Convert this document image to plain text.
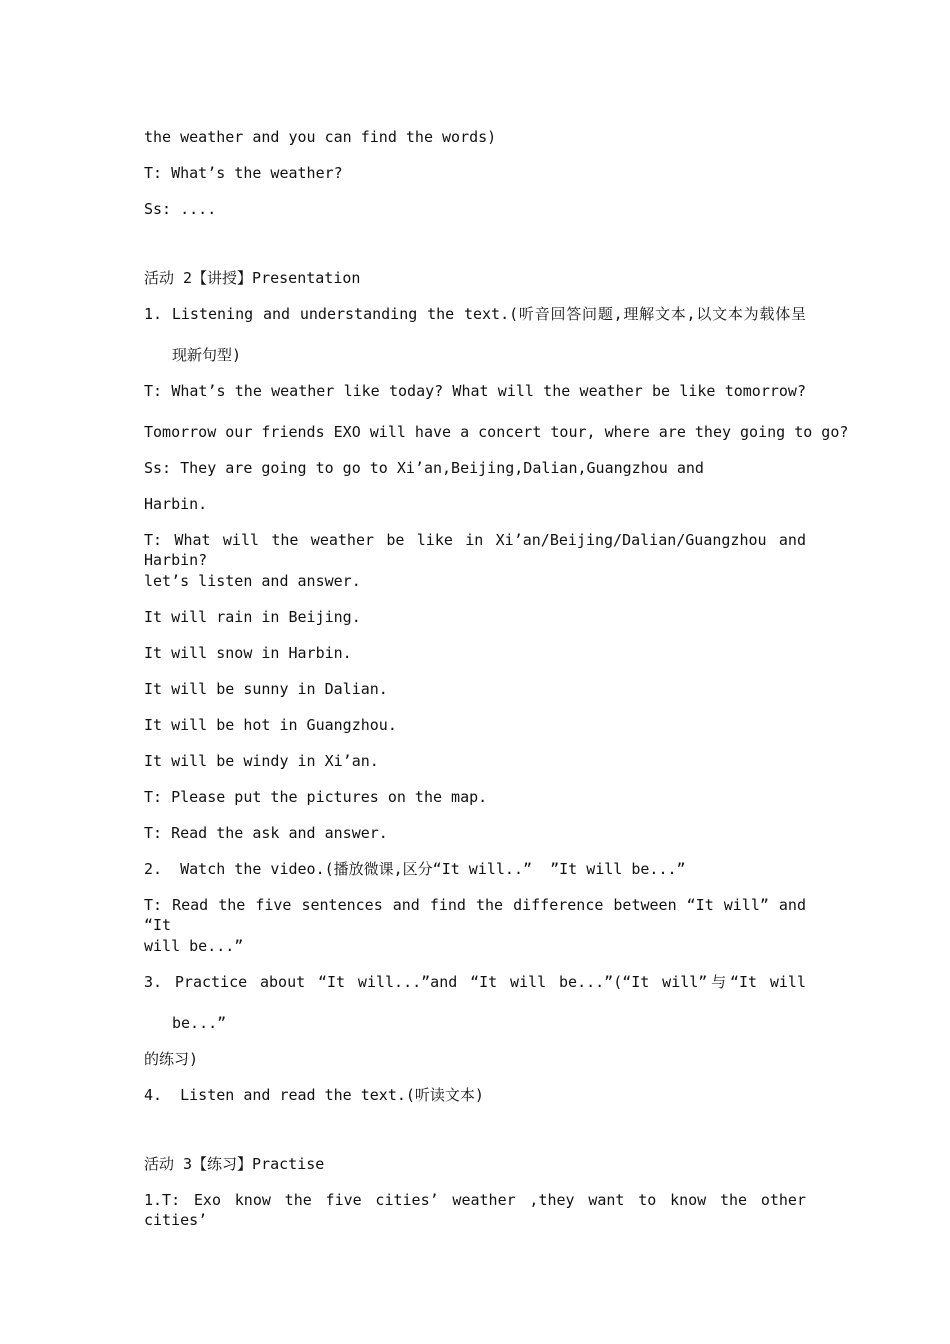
the weather and you can find the words)
T: What’s the weather?
Ss: ....
活动 2【讲授】Presentation
1. Listening and understanding the text.(听音回答问题,理解文本,以文本为载体呈
现新句型)
T: What’s the weather like today? What will the weather be like tomorrow?
Tomorrow our friends EXO will have a concert tour, where are they going to go?
Ss: They are going to go to Xi’an,Beijing,Dalian,Guangzhou and
Harbin.
T: What will the weather be like in Xi’an/Beijing/Dalian/Guangzhou and Harbin?
let’s listen and answer.
It will rain in Beijing.
It will snow in Harbin.
It will be sunny in Dalian.
It will be hot in Guangzhou.
It will be windy in Xi’an.
T: Please put the pictures on the map.
T: Read the ask and answer.
2.  Watch the video.(播放微课,区分“It will..”  ”It will be...”
T: Read the five sentences and find the difference between “It will” and “It
will be...”
3. Practice about “It will...”and “It will be...”(“It will”与“It will
be...”
的练习)
4.  Listen and read the text.(听读文本)
活动 3【练习】Practise
1.T: Exo know the five cities’ weather ,they want to know the other cities’
